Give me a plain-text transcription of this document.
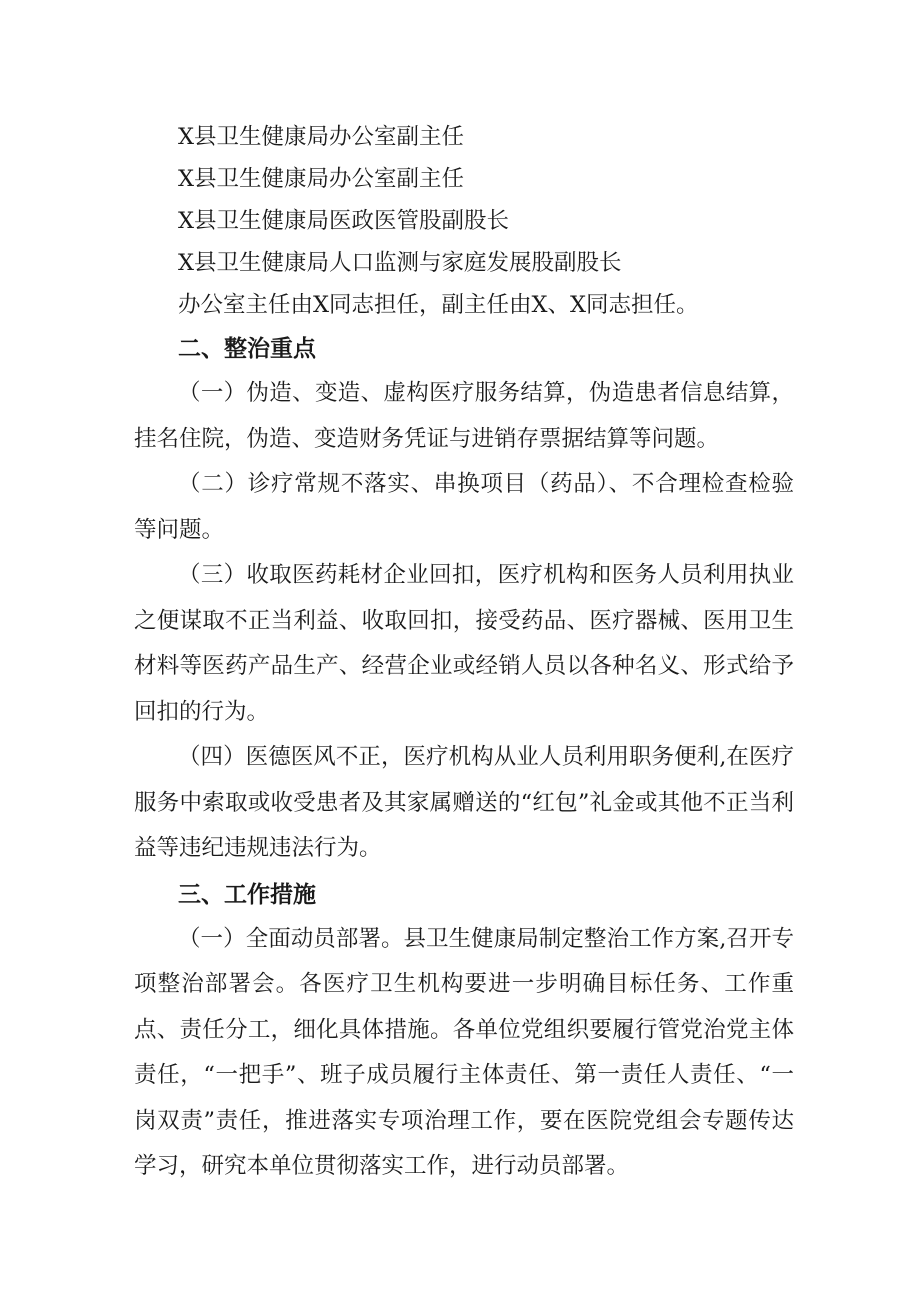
X县卫生健康局办公室副主任
X县卫生健康局办公室副主任
X县卫生健康局医政医管股副股长
X县卫生健康局人口监测与家庭发展股副股长
办公室主任由X同志担任，副主任由X、X同志担任。
二、整治重点

（一）伪造、变造、虚构医疗服务结算，伪造患者信息结算，挂名住院，伪造、变造财务凭证与进销存票据结算等问题。

（二）诊疗常规不落实、串换项目（药品）、不合理检查检验等问题。

（三）收取医药耗材企业回扣，医疗机构和医务人员利用执业之便谋取不正当利益、收取回扣，接受药品、医疗器械、医用卫生材料等医药产品生产、经营企业或经销人员以各种名义、形式给予回扣的行为。

（四）医德医风不正，医疗机构从业人员利用职务便利,在医疗服务中索取或收受患者及其家属赠送的“红包”礼金或其他不正当利益等违纪违规违法行为。

三、工作措施

（一）全面动员部署。县卫生健康局制定整治工作方案,召开专项整治部署会。各医疗卫生机构要进一步明确目标任务、工作重点、责任分工，细化具体措施。各单位党组织要履行管党治党主体责任，“一把手”、班子成员履行主体责任、第一责任人责任、“一岗双责”责任，推进落实专项治理工作，要在医院党组会专题传达学习，研究本单位贯彻落实工作，进行动员部署。
